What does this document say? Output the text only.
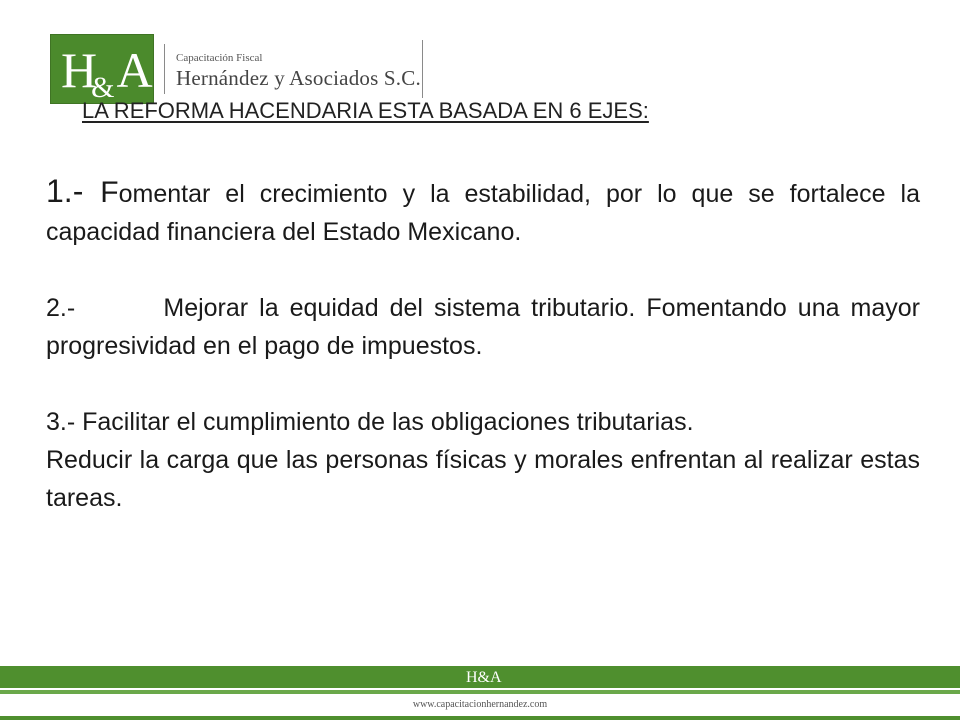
$H_{\&}A$ Capacitación Fiscal
Hernández y Asociados S.C.
LA REFORMA HACENDARIA ESTA BASADA EN 6 EJES:

1.- Fomentar el crecimiento y la estabilidad, por lo que se fortalece la capacidad financiera del Estado Mexicano.

2.-        Mejorar la equidad del sistema tributario. Fomentando una mayor progresividad en el pago de impuestos.

3.- Facilitar el cumplimiento de las obligaciones tributarias.

Reducir la carga que las personas físicas y morales enfrentan al realizar estas tareas.

H&A
www.capacitacionhernandez.com
